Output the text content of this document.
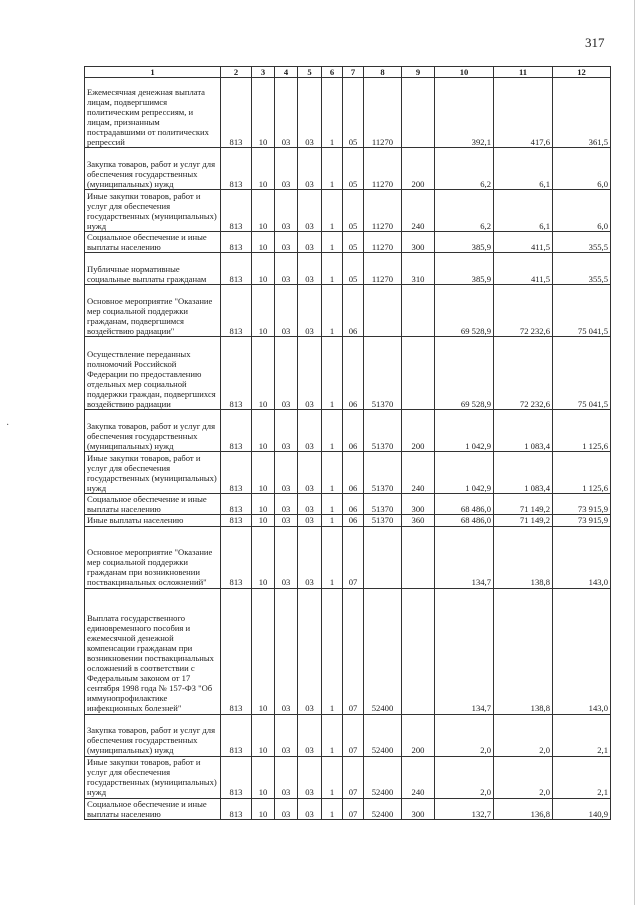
317
·
1	2	3	4	5	6	7	8	9	10	11	12
Ежемесячная денежная выплата лицам, подвергшимся политическим репрессиям, и лицам, признанным пострадавшими от политических репрессий	813	10	03	03	1	05	11270		392,1	417,6	361,5
Закупка товаров, работ и услуг для обеспечения государственных (муниципальных) нужд	813	10	03	03	1	05	11270	200	6,2	6,1	6,0
Иные закупки товаров, работ и услуг для обеспечения государственных (муниципальных) нужд	813	10	03	03	1	05	11270	240	6,2	6,1	6,0
Социальное обеспечение и иные выплаты населению	813	10	03	03	1	05	11270	300	385,9	411,5	355,5
Публичные нормативные социальные выплаты гражданам	813	10	03	03	1	05	11270	310	385,9	411,5	355,5
Основное мероприятие "Оказание мер социальной поддержки гражданам, подвергшимся воздействию радиации"	813	10	03	03	1	06			69 528,9	72 232,6	75 041,5
Осуществление переданных полномочий Российской Федерации по предоставлению отдельных мер социальной поддержки граждан, подвергшихся воздействию радиации	813	10	03	03	1	06	51370		69 528,9	72 232,6	75 041,5
Закупка товаров, работ и услуг для обеспечения государственных (муниципальных) нужд	813	10	03	03	1	06	51370	200	1 042,9	1 083,4	1 125,6
Иные закупки товаров, работ и услуг для обеспечения государственных (муниципальных) нужд	813	10	03	03	1	06	51370	240	1 042,9	1 083,4	1 125,6
Социальное обеспечение и иные выплаты населению	813	10	03	03	1	06	51370	300	68 486,0	71 149,2	73 915,9
Иные выплаты населению	813	10	03	03	1	06	51370	360	68 486,0	71 149,2	73 915,9
Основное мероприятие "Оказание мер социальной поддержки гражданам при возникновении поствакцинальных осложнений"	813	10	03	03	1	07			134,7	138,8	143,0
Выплата государственного единовременного пособия и ежемесячной денежной компенсации гражданам при возникновении поствакцинальных осложнений в соответствии с Федеральным законом от 17 сентября 1998 года № 157-ФЗ "Об иммунопрофилактике инфекционных болезней"	813	10	03	03	1	07	52400		134,7	138,8	143,0
Закупка товаров, работ и услуг для обеспечения государственных (муниципальных) нужд	813	10	03	03	1	07	52400	200	2,0	2,0	2,1
Иные закупки товаров, работ и услуг для обеспечения государственных (муниципальных) нужд	813	10	03	03	1	07	52400	240	2,0	2,0	2,1
Социальное обеспечение и иные выплаты населению	813	10	03	03	1	07	52400	300	132,7	136,8	140,9
